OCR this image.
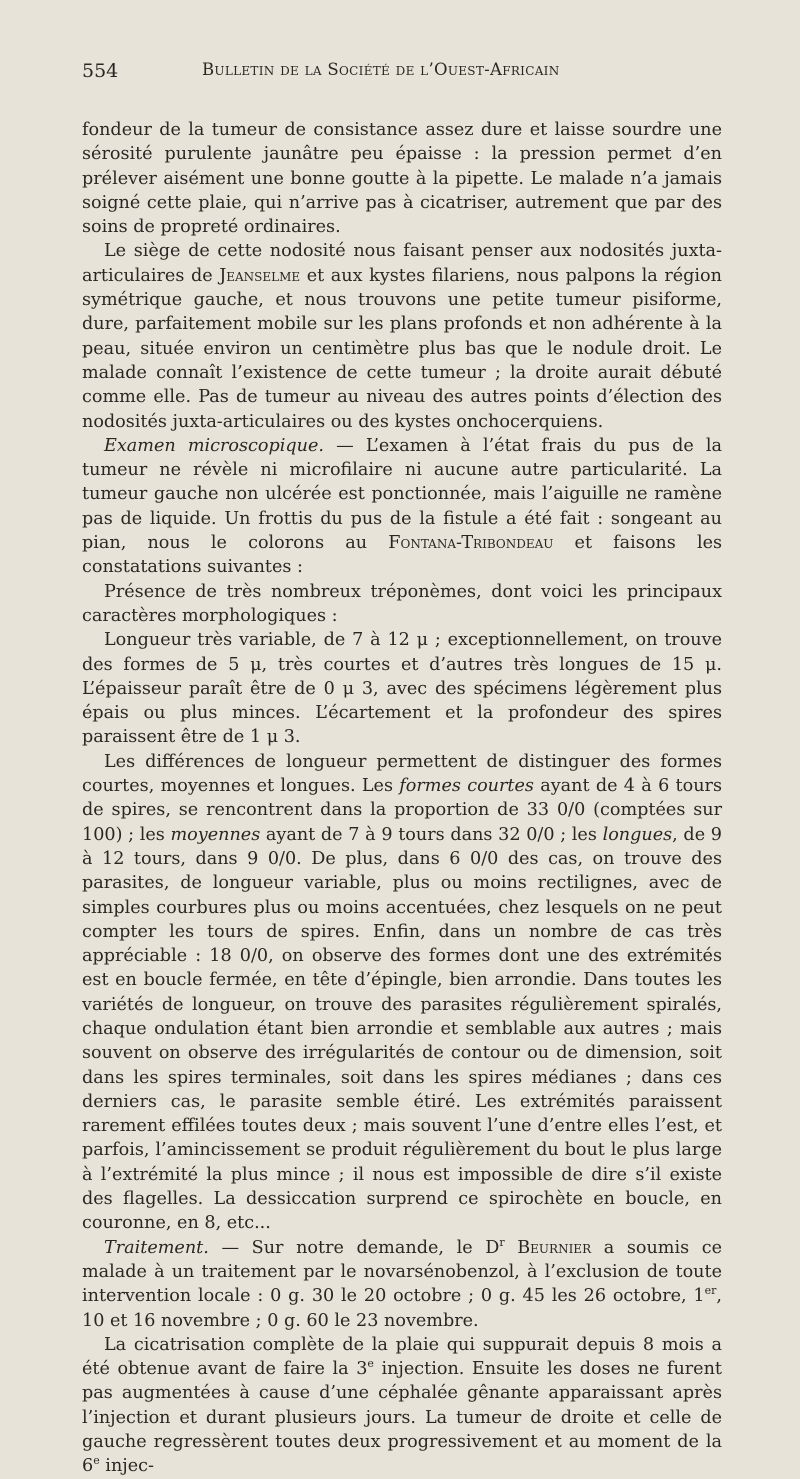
554	Bulletin de la Société de l’Ouest-Africain

fondeur de la tumeur de consistance assez dure et laisse sourdre une sérosité purulente jaunâtre peu épaisse : la pression permet d’en prélever aisément une bonne goutte à la pipette. Le malade n’a jamais soigné cette plaie, qui n’arrive pas à cicatriser, autrement que par des soins de propreté ordinaires.

Le siège de cette nodosité nous faisant penser aux nodosités juxta-articulaires de Jeanselme et aux kystes filariens, nous palpons la région symétrique gauche, et nous trouvons une petite tumeur pisiforme, dure, parfaitement mobile sur les plans profonds et non adhérente à la peau, située environ un centimètre plus bas que le nodule droit. Le malade connaît l’existence de cette tumeur ; la droite aurait débuté comme elle. Pas de tumeur au niveau des autres points d’élection des nodosités juxta-articulaires ou des kystes onchocerquiens.

Examen microscopique. — L’examen à l’état frais du pus de la tumeur ne révèle ni microfilaire ni aucune autre particularité. La tumeur gauche non ulcérée est ponctionnée, mais l’aiguille ne ramène pas de liquide. Un frottis du pus de la fistule a été fait : songeant au pian, nous le colorons au Fontana-Tribondeau et faisons les constatations suivantes :

Présence de très nombreux tréponèmes, dont voici les principaux caractères morphologiques :

Longueur très variable, de 7 à 12 μ ; exceptionnellement, on trouve des formes de 5 μ, très courtes et d’autres très longues de 15 μ. L’épaisseur paraît être de 0 μ 3, avec des spécimens légèrement plus épais ou plus minces. L’écartement et la profondeur des spires paraissent être de 1 μ 3.

Les différences de longueur permettent de distinguer des formes courtes, moyennes et longues. Les formes courtes ayant de 4 à 6 tours de spires, se rencontrent dans la proportion de 33 0/0 (comptées sur 100) ; les moyennes ayant de 7 à 9 tours dans 32 0/0 ; les longues, de 9 à 12 tours, dans 9 0/0. De plus, dans 6 0/0 des cas, on trouve des parasites, de longueur variable, plus ou moins rectilignes, avec de simples courbures plus ou moins accentuées, chez lesquels on ne peut compter les tours de spires. Enfin, dans un nombre de cas très appréciable : 18 0/0, on observe des formes dont une des extrémités est en boucle fermée, en tête d’épingle, bien arrondie. Dans toutes les variétés de longueur, on trouve des parasites régulièrement spiralés, chaque ondulation étant bien arrondie et semblable aux autres ; mais souvent on observe des irrégularités de contour ou de dimension, soit dans les spires terminales, soit dans les spires médianes ; dans ces derniers cas, le parasite semble étiré. Les extrémités paraissent rarement effilées toutes deux ; mais souvent l’une d’entre elles l’est, et parfois, l’amincissement se produit régulièrement du bout le plus large à l’extrémité la plus mince ; il nous est impossible de dire s’il existe des flagelles. La dessiccation surprend ce spirochète en boucle, en couronne, en 8, etc...

Traitement. — Sur notre demande, le $D^r$ Beurnier a soumis ce malade à un traitement par le novarsénobenzol, à l’exclusion de toute intervention locale : 0 g. 30 le 20 octobre ; 0 g. 45 les 26 octobre, 1er, 10 et 16 novembre ; 0 g. 60 le 23 novembre.

La cicatrisation complète de la plaie qui suppurait depuis 8 mois a été obtenue avant de faire la 3e injection. Ensuite les doses ne furent pas augmentées à cause d’une céphalée gênante apparaissant après l’injection et durant plusieurs jours. La tumeur de droite et celle de gauche regressèrent toutes deux progressivement et au moment de la 6e injec-
